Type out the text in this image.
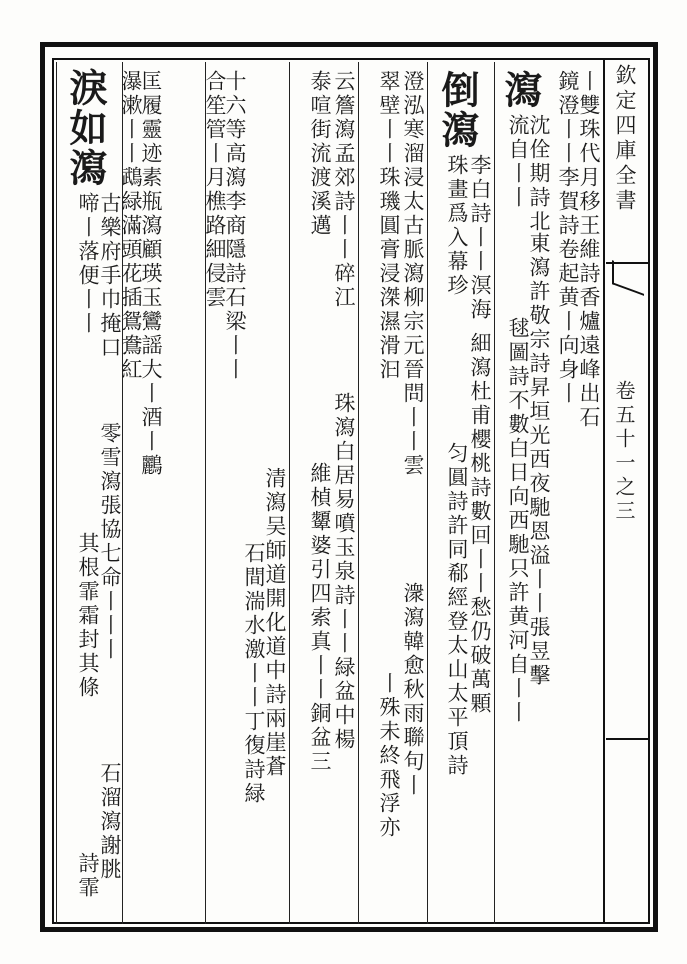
欽定四庫全書
卷五十一之三
丨雙珠代月移王維詩香爐遠峰出石
鏡澄丨丨李賀詩卷起黄丨向身丨
瀉
沈佺期詩北
流自丨丨
東瀉許敬宗詩昇垣光西夜馳恩溢丨丨張昱擊
毬圖詩不數白日向西馳只許黄河自丨丨
倒瀉
李白詩丨丨溟海
珠畫爲入幕珍
細瀉杜甫櫻桃詩數回丨丨愁仍破萬顆
匀圓詩許同郗經登太山太平頂詩
澄泓寒溜浸太古脈瀉柳宗元晉問丨丨雲
翠壁丨丨珠璣圓膏浸滐濕滑汩
潨瀉韓愈秋雨聯句丨
丨殊未終飛浮亦
云簷瀉孟郊詩丨丨碎江
泰喧街流渡溪邁
珠瀉白居易噴玉泉詩丨丨緑盆中楊
維楨顰婆引四索真丨丨銅盆三
十六等高瀉李商隱詩石梁丨丨
合笙管丨月樵路細侵雲
清瀉吴師道開化道中詩兩崖蒼
石間湍水激丨丨丁復詩緑
匡履靈迹素瓶瀉顧瑛玉鸞謡大丨酒丨鸝
瀑漱丨丨鵡緑滿頭花插鴛鴦紅
淚如瀉
古樂府手巾掩口
啼丨落便丨丨
零雪瀉張協七命丨丨丨
其根霏霜封其條
石溜瀉謝朓
詩霏
